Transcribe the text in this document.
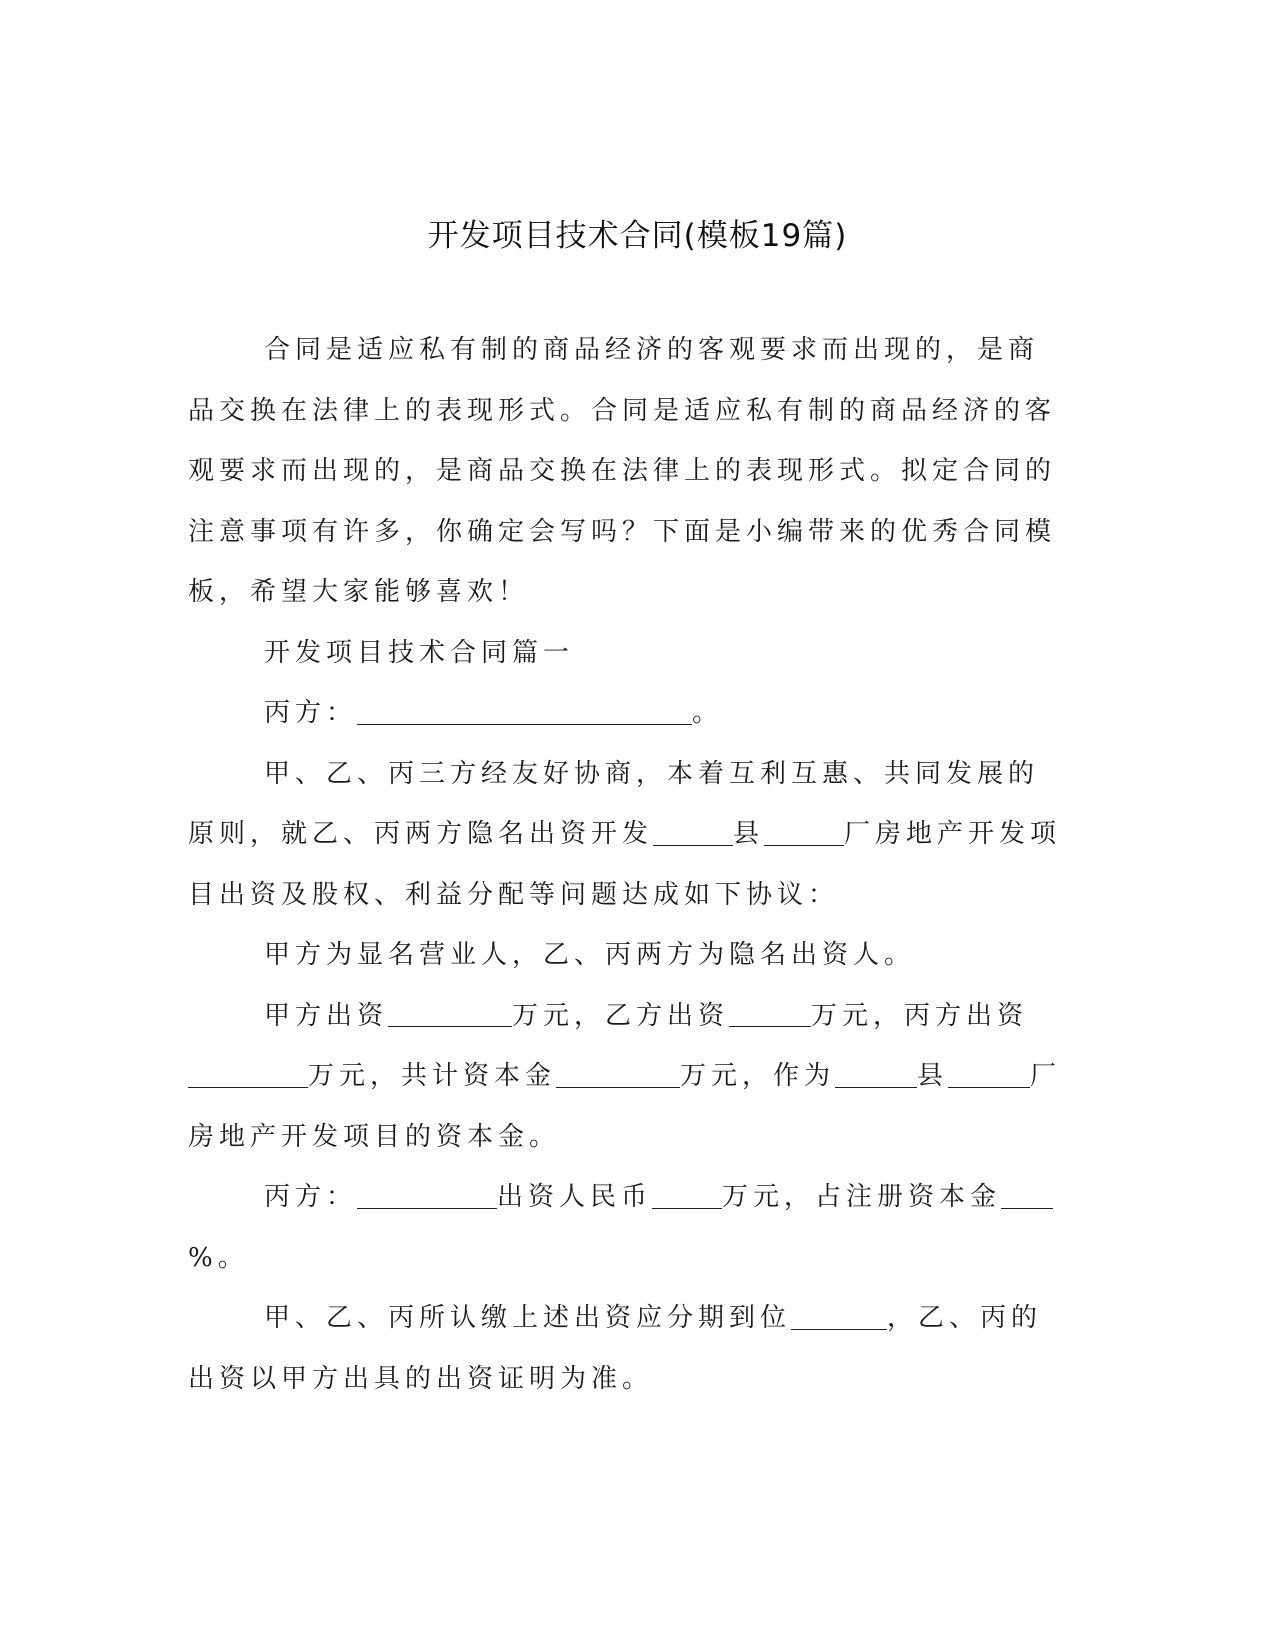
开发项目技术合同(模板19篇)

合同是适应私有制的商品经济的客观要求而出现的，是商品交换在法律上的表现形式。合同是适应私有制的商品经济的客观要求而出现的，是商品交换在法律上的表现形式。拟定合同的注意事项有许多，你确定会写吗？下面是小编带来的优秀合同模板，希望大家能够喜欢！

开发项目技术合同篇一

丙方：	。

甲、乙、丙三方经友好协商，本着互利互惠、共同发展的原则，就乙、丙两方隐名出资开发	县	厂房地产开发项目出资及股权、利益分配等问题达成如下协议：

甲方为显名营业人，乙、丙两方为隐名出资人。

甲方出资	万元，乙方出资	万元，丙方出资万元，共计资本金	万元，作为	县	厂房地产开发项目的资本金。

丙方：	出资人民币	万元，占注册资本金%。

甲、乙、丙所认缴上述出资应分期到位	，乙、丙的出资以甲方出具的出资证明为准。
